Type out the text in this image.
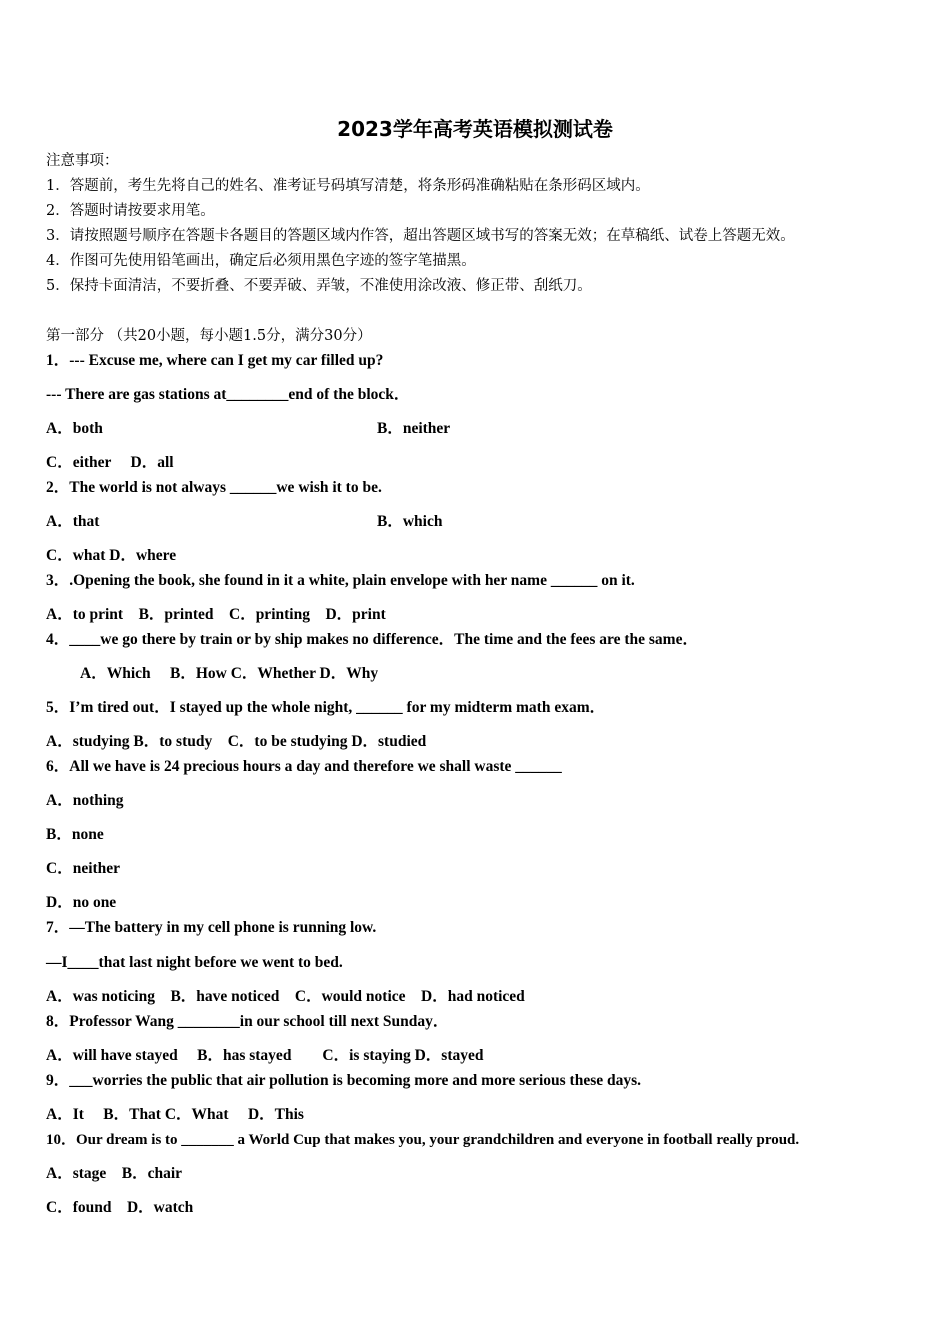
2023学年高考英语模拟测试卷
注意事项：
1．答题前，考生先将自己的姓名、准考证号码填写清楚，将条形码准确粘贴在条形码区域内。
2．答题时请按要求用笔。
3．请按照题号顺序在答题卡各题目的答题区域内作答，超出答题区域书写的答案无效；在草稿纸、试卷上答题无效。
4．作图可先使用铅笔画出，确定后必须用黑色字迹的签字笔描黑。
5．保持卡面清洁，不要折叠、不要弄破、弄皱，不准使用涂改液、修正带、刮纸刀。
第一部分 （共20小题，每小题1.5分，满分30分）
1．--- Excuse me, where can I get my car filled up?
--- There are gas stations at________end of the block．
A．both	B．neither
C．either　 D．all
2．The world is not always ______we wish it to be.
A．that	B．which
C．what D．where
3．.Opening the book, she found in it a white, plain envelope with her name ______ on it.
A．to print　B．printed　C．printing　D．print
4．____we go there by train or by ship makes no difference．The time and the fees are the same．
A．Which　 B．How C．Whether D．Why
5．I’m tired out．I stayed up the whole night, ______ for my midterm math exam．
A．studying B．to study　C．to be studying D．studied
6．All we have is 24 precious hours a day and therefore we shall waste ______
A．nothing
B．none
C．neither
D．no one
7．—The battery in my cell phone is running low.
—I____that last night before we went to bed.
A．was noticing　B．have noticed　C．would notice　D．had noticed
8．Professor Wang ________in our school till next Sunday．
A．will have stayed　 B．has stayed　　C．is staying D．stayed
9．___worries the public that air pollution is becoming more and more serious these days.
A．It　 B．That C．What　 D．This
10．Our dream is to _______ a World Cup that makes you, your grandchildren and everyone in football really proud.
A．stage　B．chair
C．found　D．watch
